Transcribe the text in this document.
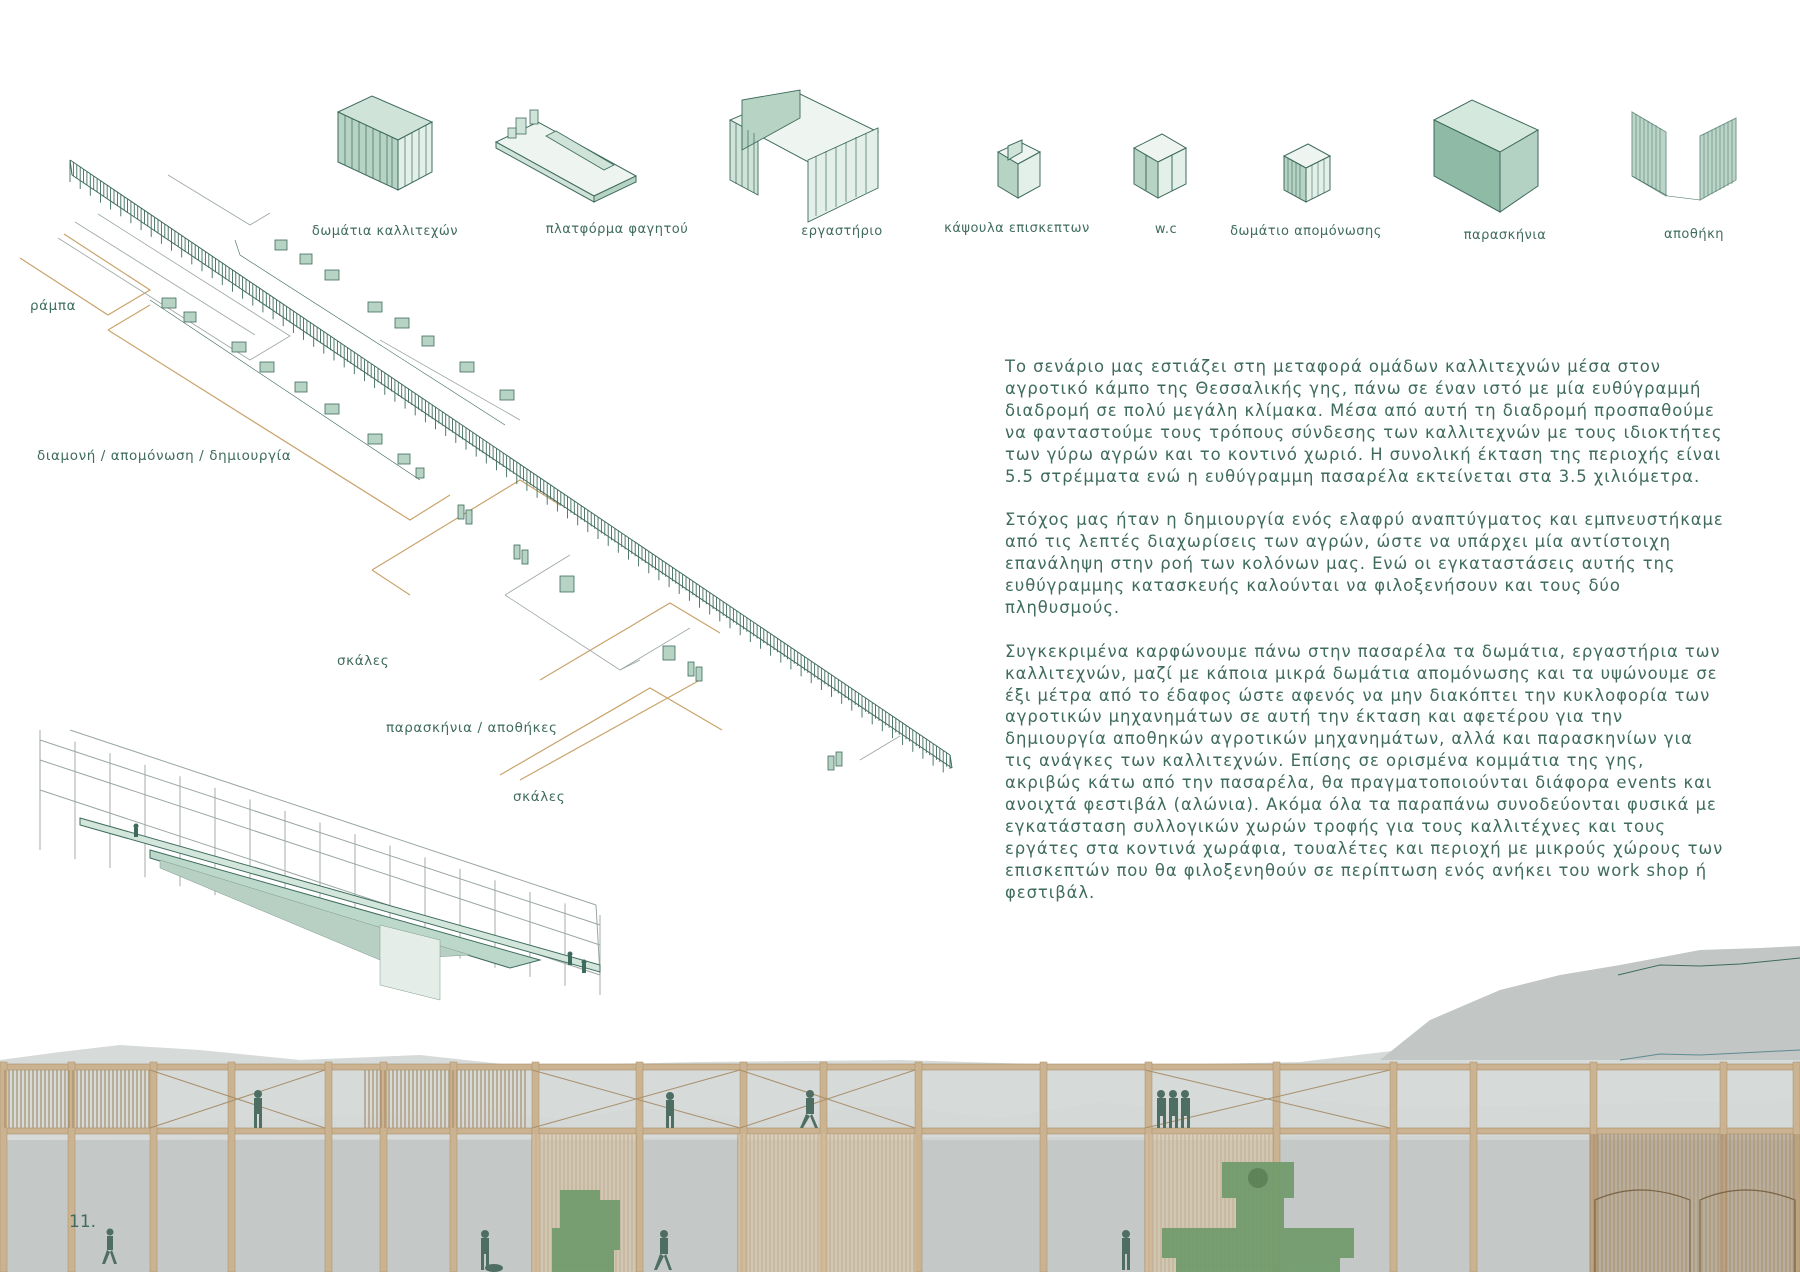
δωμάτια καλλιτεχών	πλατφόρμα φαγητού	εργαστήριο	κάψουλα επισκεπτων	w.c	δωμάτιο απομόνωσης	παρασκήνια	αποθήκη
ράμπα
διαμονή / απομόνωση / δημιουργία
σκάλες
παρασκήνια / αποθήκες
σκάλες

Το σενάριο μας εστιάζει στη μεταφορά ομάδων καλλιτεχνών μέσα στον αγροτικό κάμπο της Θεσσαλικής γης, πάνω σε έναν ιστό με μία ευθύγραμμή διαδρομή σε πολύ μεγάλη κλίμακα. Μέσα από αυτή τη διαδρομή προσπαθούμε να φανταστούμε τους τρόπους σύνδεσης των καλλιτεχνών με τους ιδιοκτήτες των γύρω αγρών και το κοντινό χωριό. Η συνολική έκταση της περιοχής είναι 5.5 στρέμματα ενώ η ευθύγραμμη πασαρέλα εκτείνεται στα 3.5 χιλιόμετρα.

Στόχος μας ήταν η δημιουργία ενός ελαφρύ αναπτύγματος και εμπνευστήκαμε από τις λεπτές διαχωρίσεις των αγρών, ώστε να υπάρχει μία αντίστοιχη επανάληψη στην ροή των κολόνων μας. Ενώ οι εγκαταστάσεις αυτής της ευθύγραμμης κατασκευής καλούνται να φιλοξενήσουν και τους δύο πληθυσμούς.

Συγκεκριμένα καρφώνουμε πάνω στην πασαρέλα τα δωμάτια, εργαστήρια των καλλιτεχνών, μαζί με κάποια μικρά δωμάτια απομόνωσης και τα υψώνουμε σε έξι μέτρα από το έδαφος ώστε αφενός να μην διακόπτει την κυκλοφορία των αγροτικών μηχανημάτων σε αυτή την έκταση και αφετέρου για την δημιουργία αποθηκών αγροτικών μηχανημάτων, αλλά και παρασκηνίων για τις ανάγκες των καλλιτεχνών. Επίσης σε ορισμένα κομμάτια της γης, ακριβώς κάτω από την πασαρέλα, θα πραγματοποιούνται διάφορα events και ανοιχτά φεστιβάλ (αλώνια). Ακόμα όλα τα παραπάνω συνοδεύονται φυσικά με εγκατάσταση συλλογικών χωρών τροφής για τους καλλιτέχνες και τους εργάτες στα κοντινά χωράφια, τουαλέτες και περιοχή με μικρούς χώρους των επισκεπτών που θα φιλοξενηθούν σε περίπτωση ενός ανήκει του work shop ή φεστιβάλ.

11.
